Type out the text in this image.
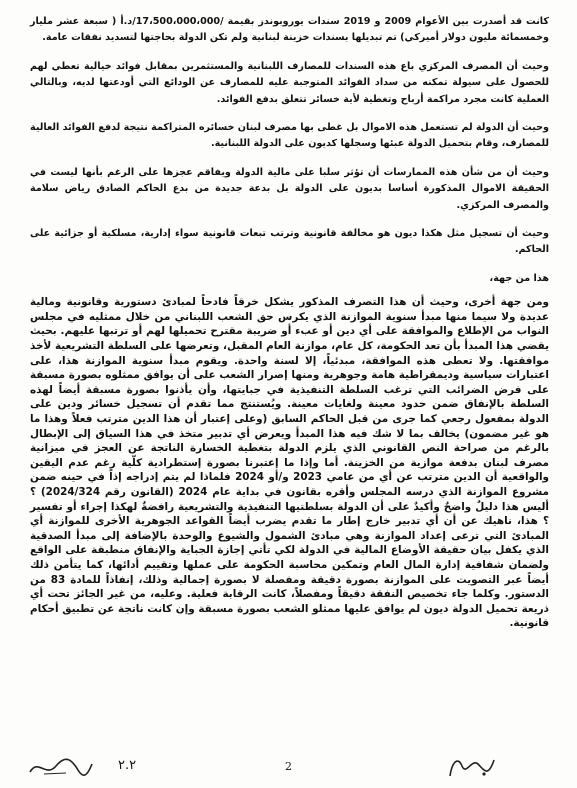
كانت قد أصدرت بين الأعوام 2009 و 2019 سندات يوروبوندز بقيمة /17،500،000،000/د.أ ( سبعة عشر مليار وخمسمائة مليون دولار أميركي) تم تبديلها بسندات خزينة لبنانية ولم تكن الدولة بحاجتها لتسديد نفقات عامة.

وحيث أن المصرف المركزي باع هذه السندات للمصارف اللبنانية والمستثمرين بمقابل فوائد خيالية تعطي لهم للحصول على سيولة تمكنه من سداد الفوائد المتوجبة عليه للمصارف عن الودائع التي أودعتها لديه، وبالتالي العملية كانت مجرد مراكمة أرباح وتغطية لأية خسائر تتعلق بدفع الفوائد.

وحيث أن الدولة لم تستعمل هذه الاموال بل غطى بها مصرف لبنان خسائره المتراكمة نتيجة لدفع الفوائد العالية للمصارف، وقام بتحميل الدولة عبئها وسجلها كديون على الدولة اللبنانية.

وحيث أن من شأن هذه الممارسات أن تؤثر سلبا على مالية الدولة ويفاقم عجزها على الرغم بأنها ليست في الحقيقة الاموال المذكورة أساسا بديون على الدولة بل بدعة جديدة من بدع الحاكم الصادق رياض سلامة والمصرف المركزي.

وحيث أن تسجيل مثل هكذا ديون هو مخالفة قانونية وترتب تبعات قانونية سواء إدارية، مسلكية أو جزائية على الحاكم.

هذا من جهة،

ومن جهة أخرى، وحيث أن هذا التصرف المذكور يشكل خرقاً فادحاً لمبادئ دستورية وقانونية ومالية عديدة ولا سيما منها مبدأ سنوية الموازنة الذي يكرس حق الشعب اللبناني من خلال ممثليه في مجلس النواب من الإطلاع والموافقة على أي دين أو عبء أو ضريبة مقترح تحميلها لهم أو ترتبها عليهم. بحيث يقضي هذا المبدأ بأن تعد الحكومة، كل عام، موازنة العام المقبل، وتعرضها على السلطة التشريعية لأخذ موافقتها. ولا تعطى هذه الموافقة، مبدئياً، إلا لسنة واحدة. ويقوم مبدأ سنوية الموازنة هذا، على اعتبارات سياسية وديمقراطية هامة وجوهرية ومنها إصرار الشعب على أن يوافق ممثلوه بصورة مسبقة على فرض الضرائب التي ترغب السلطة التنفيذية في جبايتها، وأن يأذنوا بصورة مسبقة أيضاً لهذه السلطة بالإنفاق ضمن حدود معينة ولغايات معينة. ويُستنتج مما تقدم أن تسجيل خسائر ودين على الدولة بمفعول رجعي كما جرى من قبل الحاكم السابق (وعلى إعتبار أن هذا الدين مترتب فعلاً وهذا ما هو غير مضمون) يخالف بما لا شك فيه هذا المبدأ ويعرض أي تدبير متخذ في هذا السياق إلى الإبطال بالرغم من صراحة النص القانوني الذي يلزم الدولة بتغطية الخسارة الناتجة عن العجز في ميزانية مصرف لبنان بدفعة موازية من الخزينة. أما وإذا ما إعتبرنا بصورة إستطرادية كلّية رغم عدم اليقين والواقعية أن الدين مترتب عن أي من عامي 2023 و/أو 2024 فلماذا لم يتم إدراجه إذاً في حينه ضمن مشروع الموازنة الذي درسه المجلس وأقره بقانون في بداية عام 2024 (القانون رقم 2024/324) ؟ أليس هذا دليلٌ واضحٌ وأكيدٌ على أن الدولة بسلطتيها التنفيذية والتشريعية رافضةٌ لهكذا إجراء أو تفسير ؟ هذا، ناهيك عن أن أي تدبير خارج إطار ما تقدم يضرب أيضاً القواعد الجوهرية الأخرى للموازنة أي المبادئ التي ترعى إعداد الموازنة وهي مبادئ الشمول والشيوع والوحدة بالإضافة إلى مبدأ الصدقية الذي يكفل بيان حقيقة الأوضاع المالية في الدولة لكي تأتي إجازة الجباية والإنفاق منطبقة على الواقع ولضمان شفافية إدارة المال العام وتمكين محاسبة الحكومة على عملها وتقييم أدائها، كما يتأمن ذلك أيضاً عبر التصويت على الموازنة بصورة دقيقة ومفصلة لا بصورة إجمالية وذلك، إنفاذاً للمادة 83 من الدستور. وكلما جاء تخصيص النفقة دقيقاً ومفصلاً، كانت الرقابة فعلية. وعليه، من غير الجائز تحت أي ذريعة تحميل الدولة ديون لم يوافق عليها ممثلو الشعب بصورة مسبقة وإن كانت ناتجة عن تطبيق أحكام قانونية.

٢.٢	2
